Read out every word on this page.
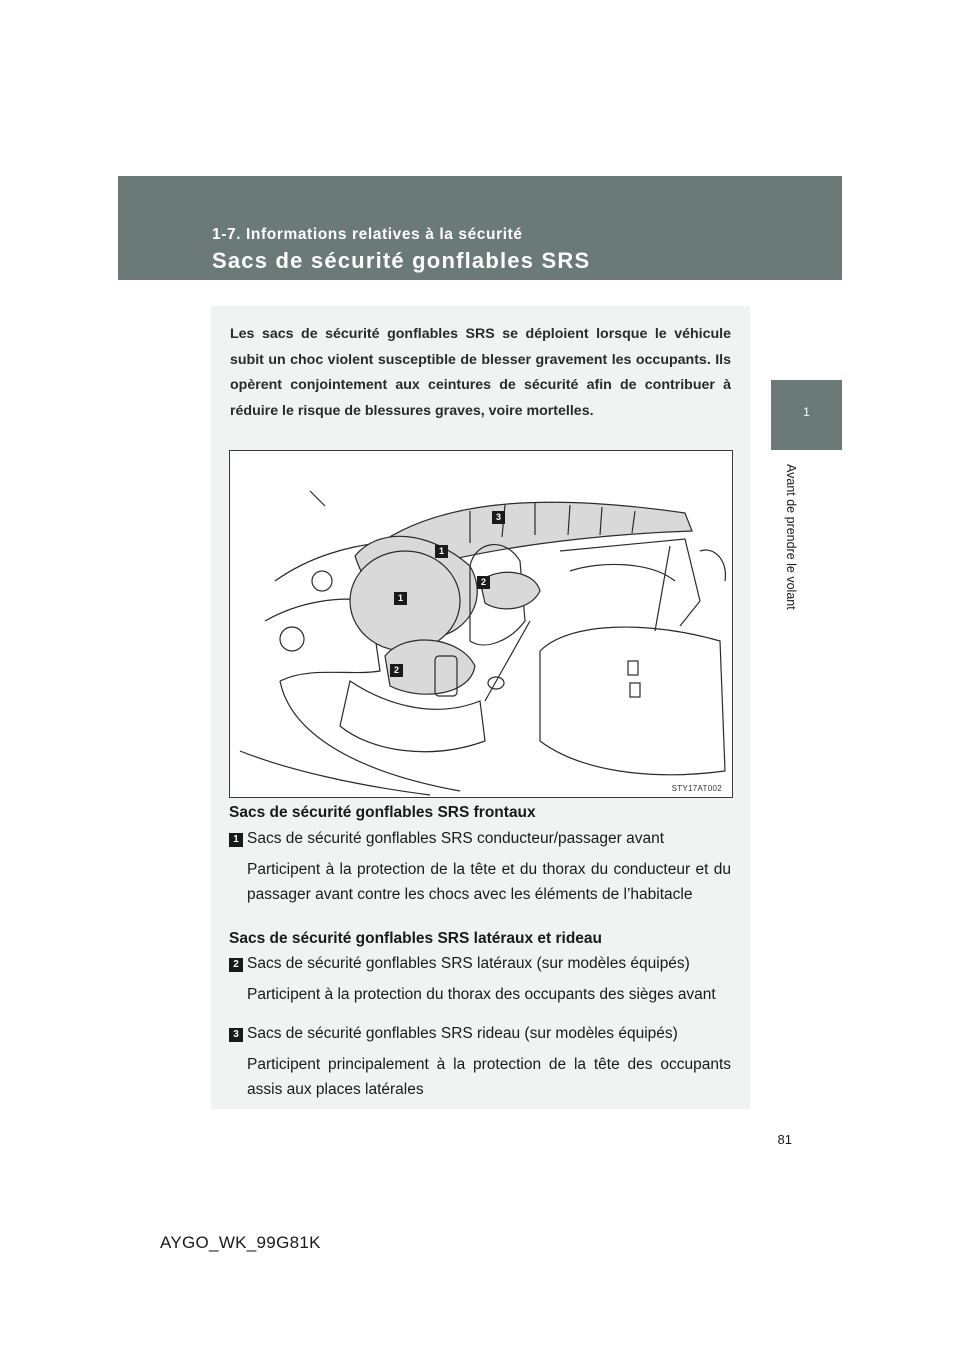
1-7. Informations relatives à la sécurité

Sacs de sécurité gonflables SRS
1
Avant de prendre le volant

Les sacs de sécurité gonflables SRS se déploient lorsque le véhicule subit un choc violent susceptible de blesser gravement les occupants. Ils opèrent conjointement aux ceintures de sécurité afin de contribuer à réduire le risque de blessures graves, voire mortelles.

3
1
2
1
2
STY17AT002
Sacs de sécurité gonflables SRS frontaux
1 Sacs de sécurité gonflables SRS conducteur/passager avant

Participent à la protection de la tête et du thorax du conducteur et du passager avant contre les chocs avec les éléments de l’habitacle

Sacs de sécurité gonflables SRS latéraux et rideau
2 Sacs de sécurité gonflables SRS latéraux (sur modèles équipés)

Participent à la protection du thorax des occupants des sièges avant

3 Sacs de sécurité gonflables SRS rideau (sur modèles équipés)

Participent principalement à la protection de la tête des occupants assis aux places latérales

81
AYGO_WK_99G81K
